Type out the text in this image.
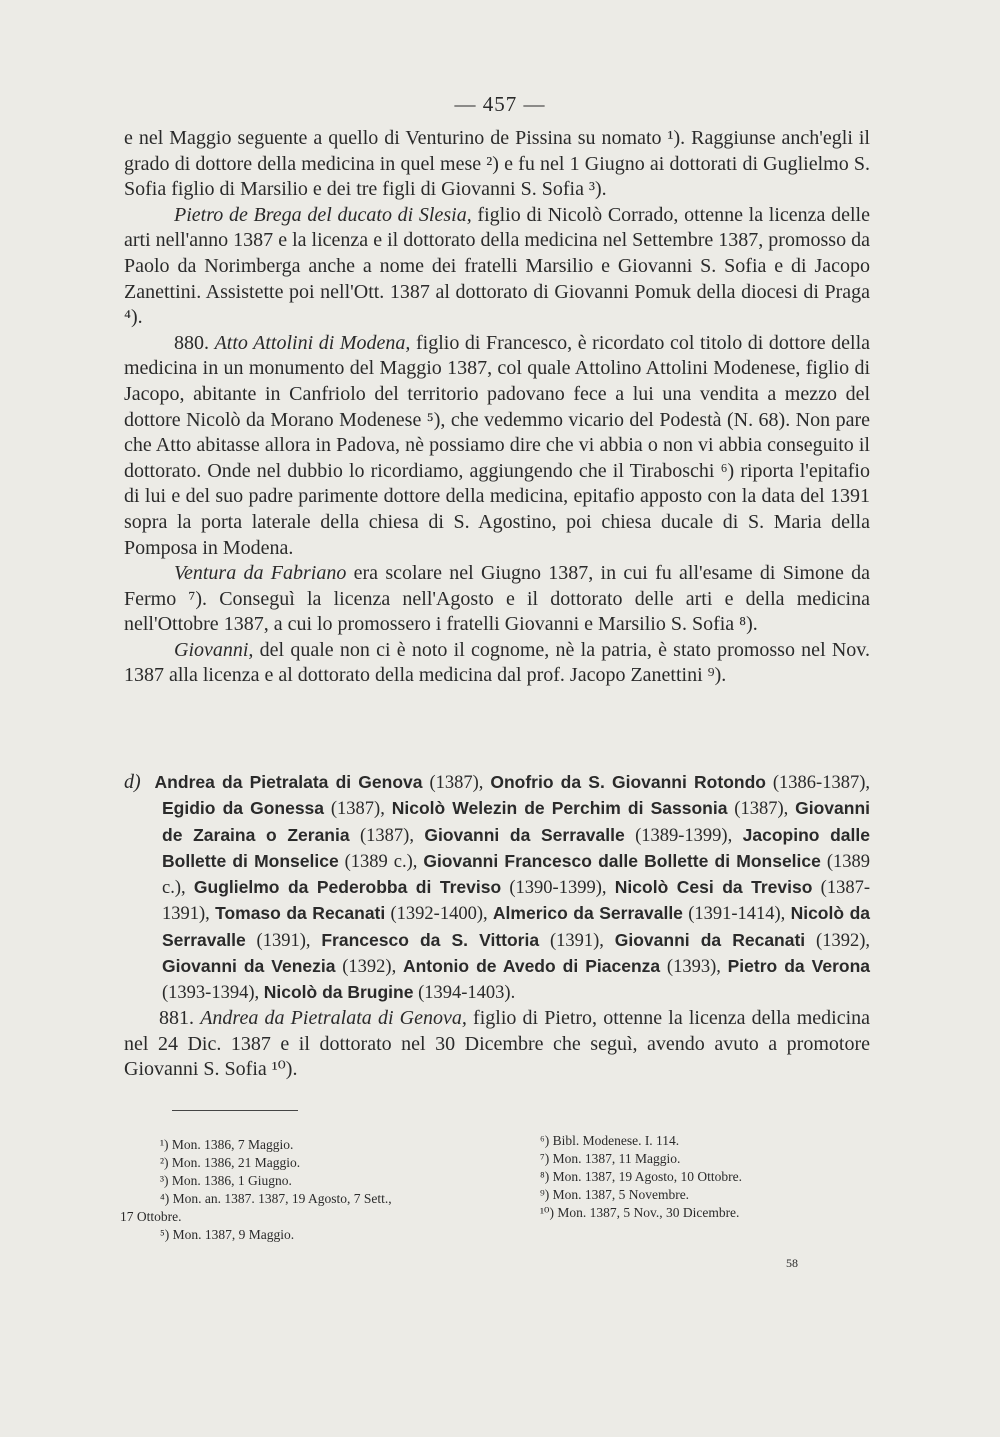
— 457 —

e nel Maggio seguente a quello di Venturino de Pissina su nomato ¹). Raggiunse anch'egli il grado di dottore della medicina in quel mese ²) e fu nel 1 Giugno ai dottorati di Guglielmo S. Sofia figlio di Marsilio e dei tre figli di Giovanni S. Sofia ³).

Pietro de Brega del ducato di Slesia, figlio di Nicolò Corrado, ottenne la licenza delle arti nell'anno 1387 e la licenza e il dottorato della medicina nel Settembre 1387, promosso da Paolo da Norimberga anche a nome dei fratelli Marsilio e Giovanni S. Sofia e di Jacopo Zanettini. Assistette poi nell'Ott. 1387 al dottorato di Giovanni Pomuk della diocesi di Praga ⁴).

880. Atto Attolini di Modena, figlio di Francesco, è ricordato col titolo di dottore della medicina in un monumento del Maggio 1387, col quale Attolino Attolini Modenese, figlio di Jacopo, abitante in Canfriolo del territorio padovano fece a lui una vendita a mezzo del dottore Nicolò da Morano Modenese ⁵), che vedemmo vicario del Podestà (N. 68). Non pare che Atto abitasse allora in Padova, nè possiamo dire che vi abbia o non vi abbia conseguito il dottorato. Onde nel dubbio lo ricordiamo, aggiungendo che il Tiraboschi ⁶) riporta l'epitafio di lui e del suo padre parimente dottore della medicina, epitafio apposto con la data del 1391 sopra la porta laterale della chiesa di S. Agostino, poi chiesa ducale di S. Maria della Pomposa in Modena.

Ventura da Fabriano era scolare nel Giugno 1387, in cui fu all'esame di Simone da Fermo ⁷). Conseguì la licenza nell'Agosto e il dottorato delle arti e della medicina nell'Ottobre 1387, a cui lo promossero i fratelli Giovanni e Marsilio S. Sofia ⁸).

Giovanni, del quale non ci è noto il cognome, nè la patria, è stato promosso nel Nov. 1387 alla licenza e al dottorato della medicina dal prof. Jacopo Zanettini ⁹).

d) Andrea da Pietralata di Genova (1387), Onofrio da S. Giovanni Rotondo (1386-1387), Egidio da Gonessa (1387), Nicolò Welezin de Perchim di Sassonia (1387), Giovanni de Zaraina o Zerania (1387), Giovanni da Serravalle (1389-1399), Jacopino dalle Bollette di Monselice (1389 c.), Giovanni Francesco dalle Bollette di Monselice (1389 c.), Guglielmo da Pederobba di Treviso (1390-1399), Nicolò Cesi da Treviso (1387-1391), Tomaso da Recanati (1392-1400), Almerico da Serravalle (1391-1414), Nicolò da Serravalle (1391), Francesco da S. Vittoria (1391), Giovanni da Recanati (1392), Giovanni da Venezia (1392), Antonio de Avedo di Piacenza (1393), Pietro da Verona (1393-1394), Nicolò da Brugine (1394-1403).

881. Andrea da Pietralata di Genova, figlio di Pietro, ottenne la licenza della medicina nel 24 Dic. 1387 e il dottorato nel 30 Dicembre che seguì, avendo avuto a promotore Giovanni S. Sofia ¹⁰).

¹) Mon. 1386, 7 Maggio.

²) Mon. 1386, 21 Maggio.

³) Mon. 1386, 1 Giugno.

⁴) Mon. an. 1387. 1387, 19 Agosto, 7 Sett.,

17 Ottobre.

⁵) Mon. 1387, 9 Maggio.

⁶) Bibl. Modenese. I. 114.

⁷) Mon. 1387, 11 Maggio.

⁸) Mon. 1387, 19 Agosto, 10 Ottobre.

⁹) Mon. 1387, 5 Novembre.

¹⁰) Mon. 1387, 5 Nov., 30 Dicembre.

58
